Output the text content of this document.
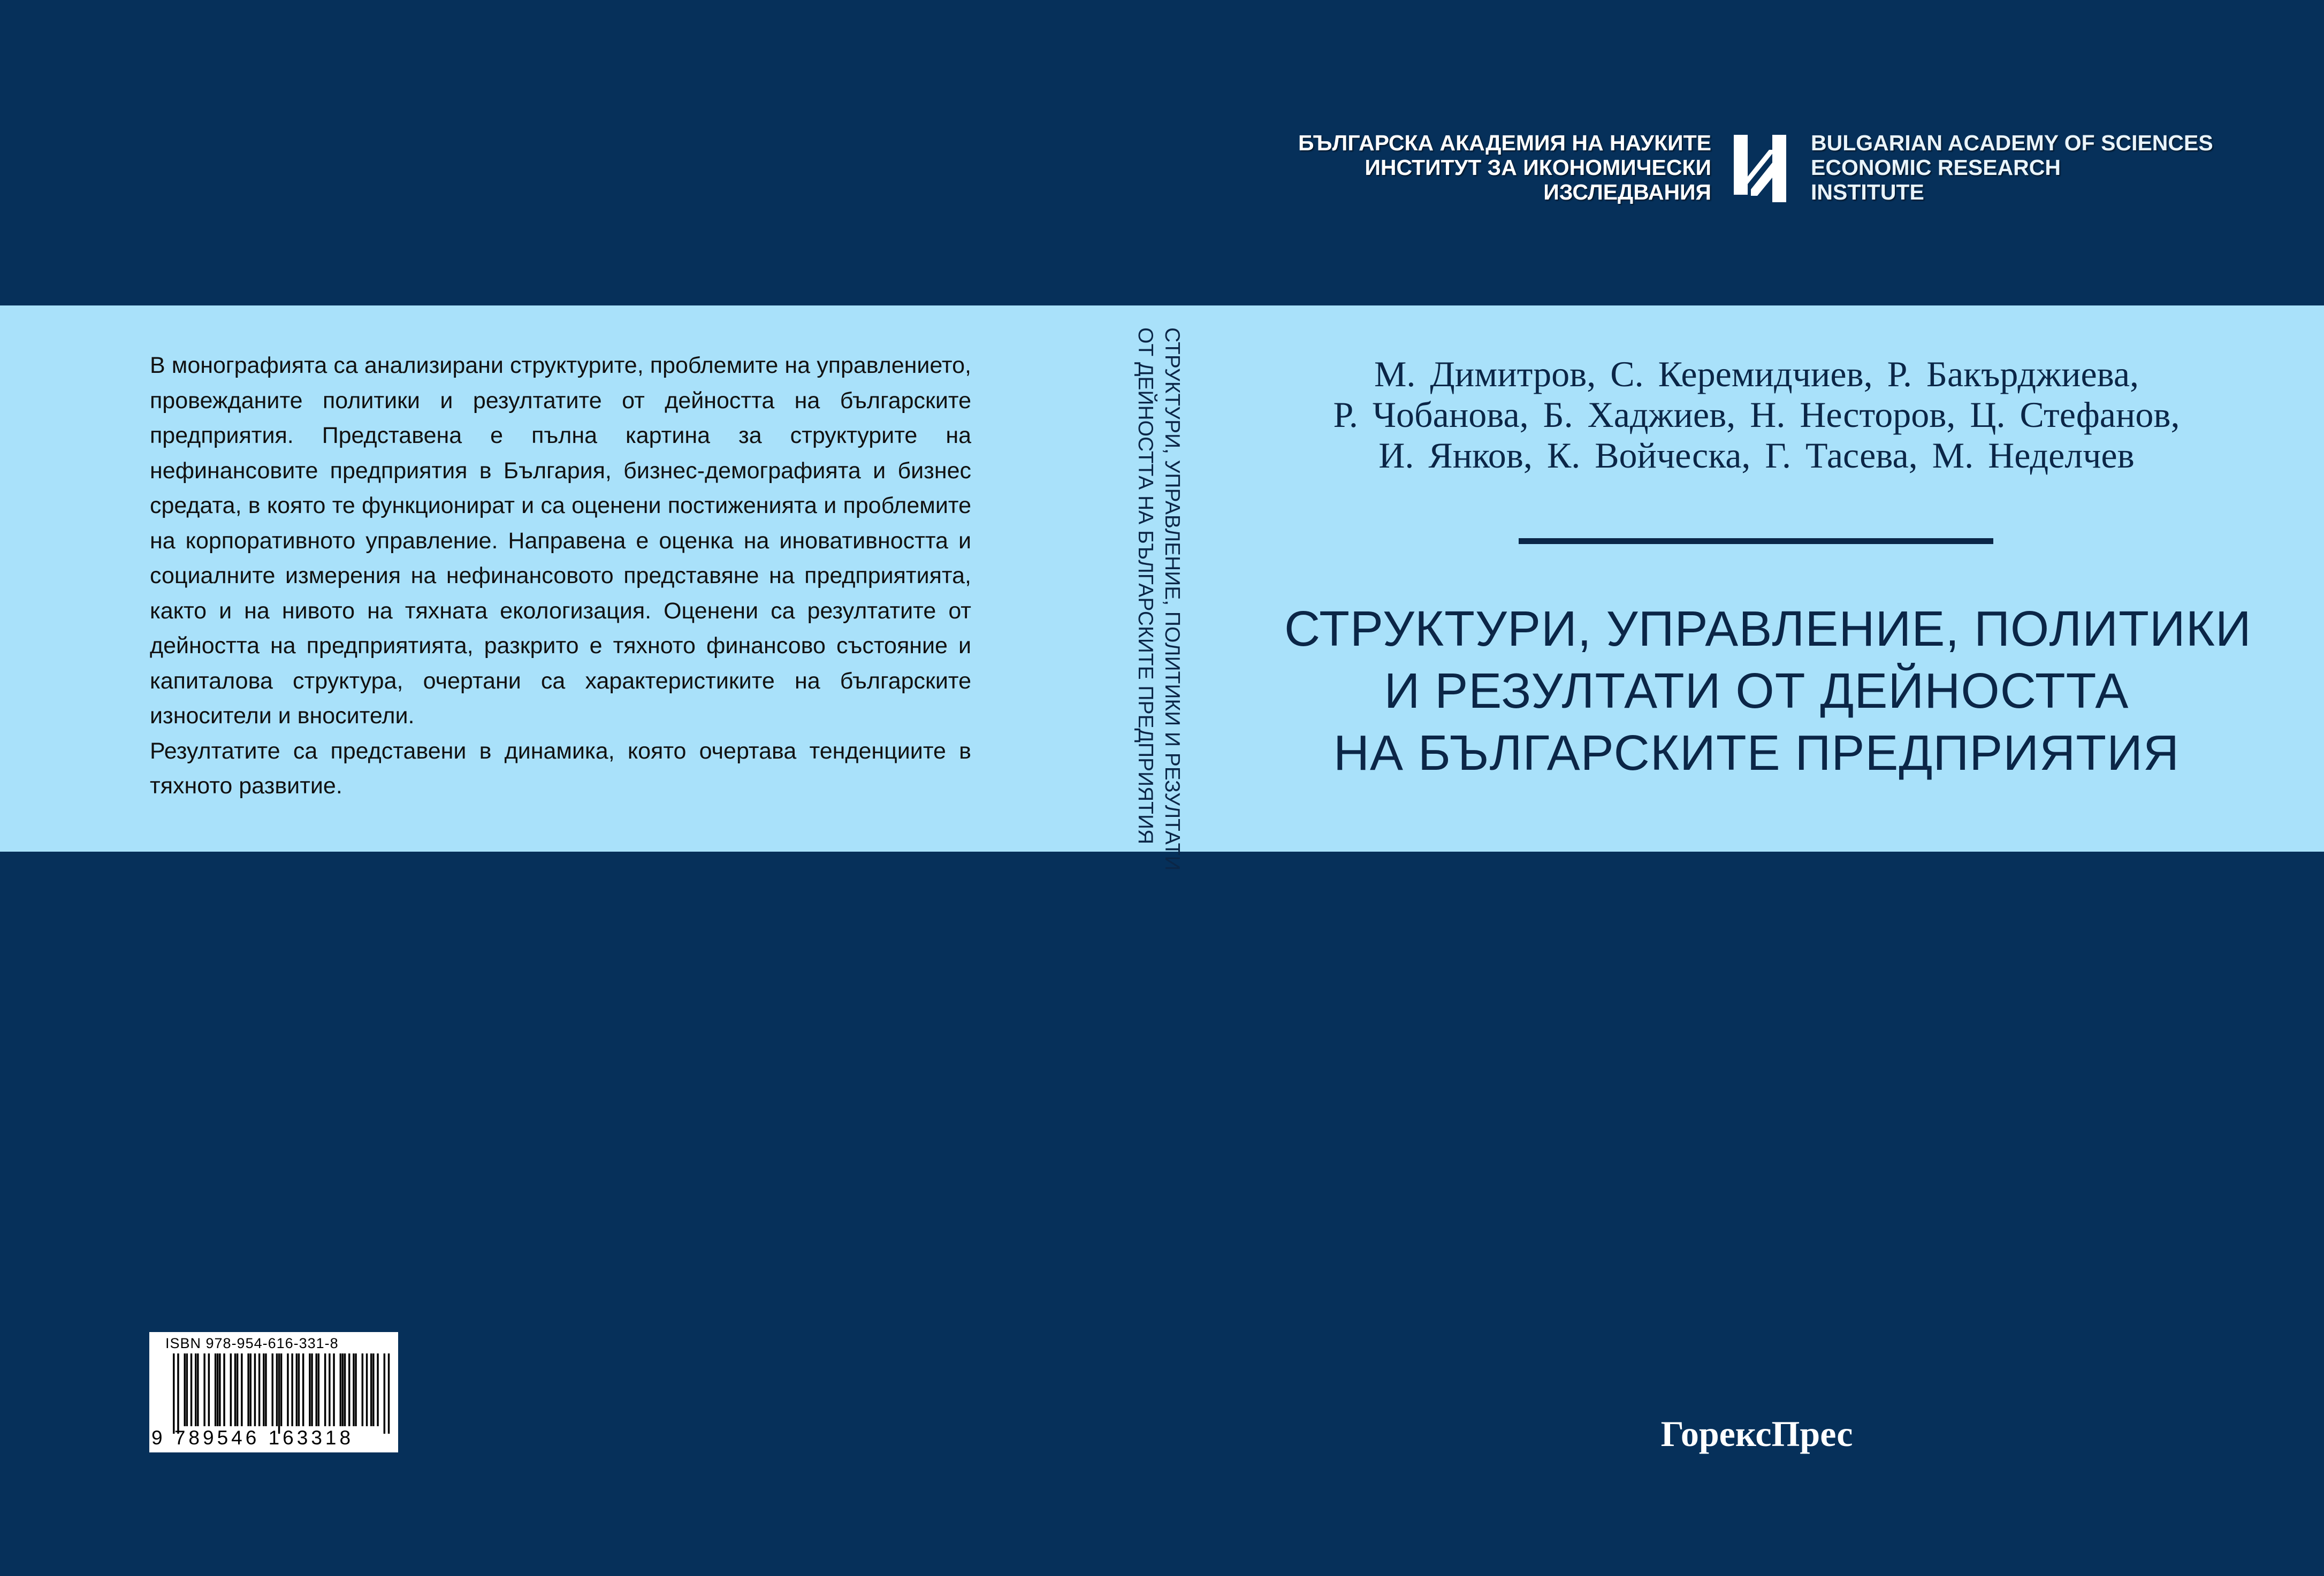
БЪЛГАРСКА АКАДЕМИЯ НА НАУКИТЕ
ИНСТИТУТ ЗА ИКОНОМИЧЕСКИ
ИЗСЛЕДВАНИЯ
BULGARIAN ACADEMY OF SCIENCES
ECONOMIC RESEARCH
INSTITUTE

В монографията са анализирани структурите, проблемите на управлението, провежданите политики и резултатите от дейността на българските предприятия. Представена е пълна картина за структурите на нефинансовите предприятия в България, бизнес-демографията и бизнес средата, в която те функционират и са оценени постиженията и проблемите на корпоративното управление. Направена е оценка на иновативността и социалните измерения на нефинансовото представяне на предприятията, както и на нивото на тяхната екологизация. Оценени са резултатите от дейността на предприятията, разкрито е тяхното финансово състояние и капиталова структура, очертани са характеристиките на българските износители и вносители.

Резултатите са представени в динамика, която очертава тенденциите в тяхното развитие.	СТРУКТУРИ, УПРАВЛЕНИЕ, ПОЛИТИКИ И РЕЗУЛТАТИ
ОТ ДЕЙНОСТТА НА БЪЛГАРСКИТЕ ПРЕДПРИЯТИЯ	М. Димитров, С. Керемидчиев, Р. Бакърджиева,
Р. Чобанова, Б. Хаджиев, Н. Несторов, Ц. Стефанов,
И. Янков, К. Войческа, Г. Тасева, М. Неделчев
СТРУКТУРИ, УПРАВЛЕНИЕ, ПОЛИТИКИ
И РЕЗУЛТАТИ ОТ ДЕЙНОСТТА
НА БЪЛГАРСКИТЕ ПРЕДПРИЯТИЯ
ГорексПрес
ISBN 978-954-616-331-8
9 789546 163318
